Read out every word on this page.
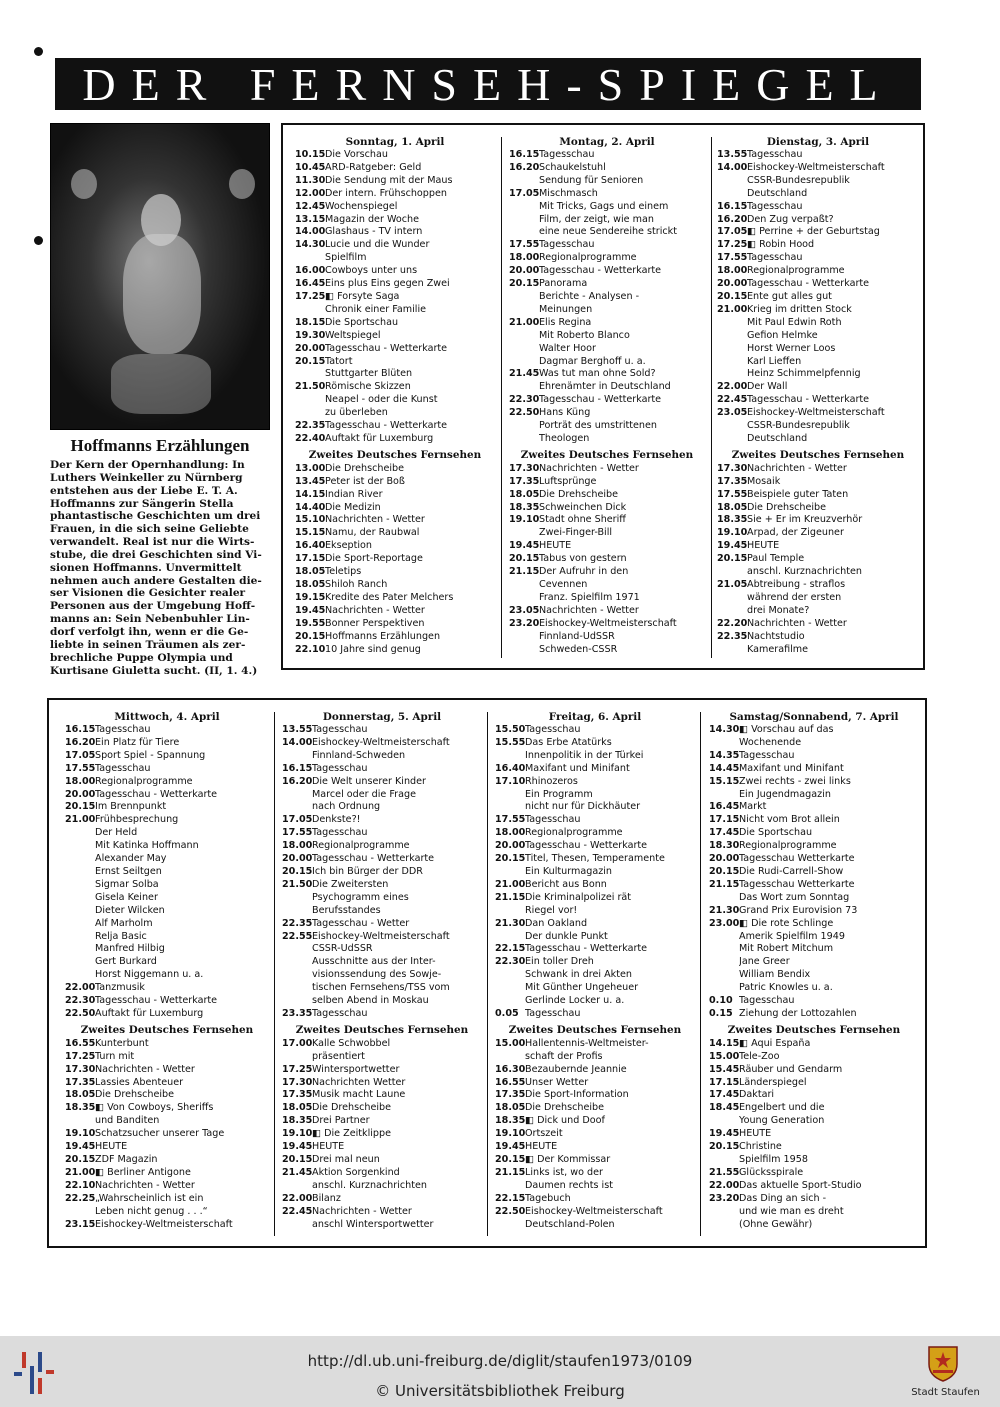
DER FERNSEH-SPIEGEL
Hoffmanns Erzählungen
Der Kern der Opernhandlung: In
Luthers Weinkeller zu Nürnberg
entstehen aus der Liebe E. T. A.
Hoffmanns zur Sängerin Stella
phantastische Geschichten um drei
Frauen, in die sich seine Geliebte
verwandelt. Real ist nur die Wirts-
stube, die drei Geschichten sind Vi-
sionen Hoffmanns. Unvermittelt
nehmen auch andere Gestalten die-
ser Visionen die Gesichter realer
Personen aus der Umgebung Hoff-
manns an: Sein Nebenbuhler Lin-
dorf verfolgt ihn, wenn er die Ge-
liebte in seinen Träumen als zer-
brechliche Puppe Olympia und
Kurtisane Giuletta sucht. (II, 1. 4.)
Sonntag, 1. April
10.15 Die Vorschau
10.45 ARD-Ratgeber: Geld
11.30 Die Sendung mit der Maus
12.00 Der intern. Frühschoppen
12.45 Wochenspiegel
13.15 Magazin der Woche
14.00 Glashaus - TV intern
14.30 Lucie und die Wunder
Spielfilm
16.00 Cowboys unter uns
16.45 Eins plus Eins gegen Zwei
17.25 ◧ Forsyte Saga
Chronik einer Familie
18.15 Die Sportschau
19.30 Weltspiegel
20.00 Tagesschau - Wetterkarte
20.15 Tatort
Stuttgarter Blüten
21.50 Römische Skizzen
Neapel - oder die Kunst
zu überleben
22.35 Tagesschau - Wetterkarte
22.40 Auftakt für Luxemburg
Zweites Deutsches Fernsehen
13.00 Die Drehscheibe
13.45 Peter ist der Boß
14.15 Indian River
14.40 Die Medizin
15.10 Nachrichten - Wetter
15.15 Namu, der Raubwal
16.40 Ekseption
17.15 Die Sport-Reportage
18.05 Teletips
18.05 Shiloh Ranch
19.15 Kredite des Pater Melchers
19.45 Nachrichten - Wetter
19.55 Bonner Perspektiven
20.15 Hoffmanns Erzählungen
22.10 10 Jahre sind genug
Montag, 2. April
16.15 Tagesschau
16.20 Schaukelstuhl
Sendung für Senioren
17.05 Mischmasch
Mit Tricks, Gags und einem
Film, der zeigt, wie man
eine neue Sendereihe strickt
17.55 Tagesschau
18.00 Regionalprogramme
20.00 Tagesschau - Wetterkarte
20.15 Panorama
Berichte - Analysen -
Meinungen
21.00 Elis Regina
Mit Roberto Blanco
Walter Hoor
Dagmar Berghoff u. a.
21.45 Was tut man ohne Sold?
Ehrenämter in Deutschland
22.30 Tagesschau - Wetterkarte
22.50 Hans Küng
Porträt des umstrittenen
Theologen
Zweites Deutsches Fernsehen
17.30 Nachrichten - Wetter
17.35 Luftsprünge
18.05 Die Drehscheibe
18.35 Schweinchen Dick
19.10 Stadt ohne Sheriff
Zwei-Finger-Bill
19.45 HEUTE
20.15 Tabus von gestern
21.15 Der Aufruhr in den
Cevennen
Franz. Spielfilm 1971
23.05 Nachrichten - Wetter
23.20 Eishockey-Weltmeisterschaft
Finnland-UdSSR
Schweden-CSSR
Dienstag, 3. April
13.55 Tagesschau
14.00 Eishockey-Weltmeisterschaft
CSSR-Bundesrepublik
Deutschland
16.15 Tagesschau
16.20 Den Zug verpaßt?
17.05 ◧ Perrine + der Geburtstag
17.25 ◧ Robin Hood
17.55 Tagesschau
18.00 Regionalprogramme
20.00 Tagesschau - Wetterkarte
20.15 Ente gut alles gut
21.00 Krieg im dritten Stock
Mit Paul Edwin Roth
Gefion Helmke
Horst Werner Loos
Karl Lieffen
Heinz Schimmelpfennig
22.00 Der Wall
22.45 Tagesschau - Wetterkarte
23.05 Eishockey-Weltmeisterschaft
CSSR-Bundesrepublik
Deutschland
Zweites Deutsches Fernsehen
17.30 Nachrichten - Wetter
17.35 Mosaik
17.55 Beispiele guter Taten
18.05 Die Drehscheibe
18.35 Sie + Er im Kreuzverhör
19.10 Arpad, der Zigeuner
19.45 HEUTE
20.15 Paul Temple
anschl. Kurznachrichten
21.05 Abtreibung - straflos
während der ersten
drei Monate?
22.20 Nachrichten - Wetter
22.35 Nachtstudio
Kamerafilme
Mittwoch, 4. April
16.15 Tagesschau
16.20 Ein Platz für Tiere
17.05 Sport Spiel - Spannung
17.55 Tagesschau
18.00 Regionalprogramme
20.00 Tagesschau - Wetterkarte
20.15 Im Brennpunkt
21.00 Frühbesprechung
Der Held
Mit Katinka Hoffmann
Alexander May
Ernst Seiltgen
Sigmar Solba
Gisela Keiner
Dieter Wilcken
Alf Marholm
Relja Basic
Manfred Hilbig
Gert Burkard
Horst Niggemann u. a.
22.00 Tanzmusik
22.30 Tagesschau - Wetterkarte
22.50 Auftakt für Luxemburg
Zweites Deutsches Fernsehen
16.55 Kunterbunt
17.25 Turn mit
17.30 Nachrichten - Wetter
17.35 Lassies Abenteuer
18.05 Die Drehscheibe
18.35 ◧ Von Cowboys, Sheriffs
und Banditen
19.10 Schatzsucher unserer Tage
19.45 HEUTE
20.15 ZDF Magazin
21.00 ◧ Berliner Antigone
22.10 Nachrichten - Wetter
22.25 „Wahrscheinlich ist ein
Leben nicht genug . . .“
23.15 Eishockey-Weltmeisterschaft
Donnerstag, 5. April
13.55 Tagesschau
14.00 Eishockey-Weltmeisterschaft
Finnland-Schweden
16.15 Tagesschau
16.20 Die Welt unserer Kinder
Marcel oder die Frage
nach Ordnung
17.05 Denkste?!
17.55 Tagesschau
18.00 Regionalprogramme
20.00 Tagesschau - Wetterkarte
20.15 Ich bin Bürger der DDR
21.50 Die Zweitersten
Psychogramm eines
Berufsstandes
22.35 Tagesschau - Wetter
22.55 Eishockey-Weltmeisterschaft
CSSR-UdSSR
Ausschnitte aus der Inter-
visionssendung des Sowje-
tischen Fernsehens/TSS vom
selben Abend in Moskau
23.35 Tagesschau
Zweites Deutsches Fernsehen
17.00 Kalle Schwobbel
präsentiert
17.25 Wintersportwetter
17.30 Nachrichten Wetter
17.35 Musik macht Laune
18.05 Die Drehscheibe
18.35 Drei Partner
19.10 ◧ Die Zeitklippe
19.45 HEUTE
20.15 Drei mal neun
21.45 Aktion Sorgenkind
anschl. Kurznachrichten
22.00 Bilanz
22.45 Nachrichten - Wetter
anschl Wintersportwetter
Freitag, 6. April
15.50 Tagesschau
15.55 Das Erbe Atatürks
Innenpolitik in der Türkei
16.40 Maxifant und Minifant
17.10 Rhinozeros
Ein Programm
nicht nur für Dickhäuter
17.55 Tagesschau
18.00 Regionalprogramme
20.00 Tagesschau - Wetterkarte
20.15 Titel, Thesen, Temperamente
Ein Kulturmagazin
21.00 Bericht aus Bonn
21.15 Die Kriminalpolizei rät
Riegel vor!
21.30 Dan Oakland
Der dunkle Punkt
22.15 Tagesschau - Wetterkarte
22.30 Ein toller Dreh
Schwank in drei Akten
Mit Günther Ungeheuer
Gerlinde Locker u. a.
0.05 Tagesschau
Zweites Deutsches Fernsehen
15.00 Hallentennis-Weltmeister-
schaft der Profis
16.30 Bezaubernde Jeannie
16.55 Unser Wetter
17.35 Die Sport-Information
18.05 Die Drehscheibe
18.35 ◧ Dick und Doof
19.10 Ortszeit
19.45 HEUTE
20.15 ◧ Der Kommissar
21.15 Links ist, wo der
Daumen rechts ist
22.15 Tagebuch
22.50 Eishockey-Weltmeisterschaft
Deutschland-Polen
Samstag/Sonnabend, 7. April
14.30 ◧ Vorschau auf das
Wochenende
14.35 Tagesschau
14.45 Maxifant und Minifant
15.15 Zwei rechts - zwei links
Ein Jugendmagazin
16.45 Markt
17.15 Nicht vom Brot allein
17.45 Die Sportschau
18.30 Regionalprogramme
20.00 Tagesschau Wetterkarte
20.15 Die Rudi-Carrell-Show
21.15 Tagesschau Wetterkarte
Das Wort zum Sonntag
21.30 Grand Prix Eurovision 73
23.00 ◧ Die rote Schlinge
Amerik Spielfilm 1949
Mit Robert Mitchum
Jane Greer
William Bendix
Patric Knowles u. a.
0.10 Tagesschau
0.15 Ziehung der Lottozahlen
Zweites Deutsches Fernsehen
14.15 ◧ Aqui España
15.00 Tele-Zoo
15.45 Räuber und Gendarm
17.15 Länderspiegel
17.45 Daktari
18.45 Engelbert und die
Young Generation
19.45 HEUTE
20.15 Christine
Spielfilm 1958
21.55 Glücksspirale
22.00 Das aktuelle Sport-Studio
23.20 Das Ding an sich -
und wie man es dreht
(Ohne Gewähr)
http://dl.ub.uni-freiburg.de/diglit/staufen1973/0109
© Universitätsbibliothek Freiburg	Stadt Staufen
